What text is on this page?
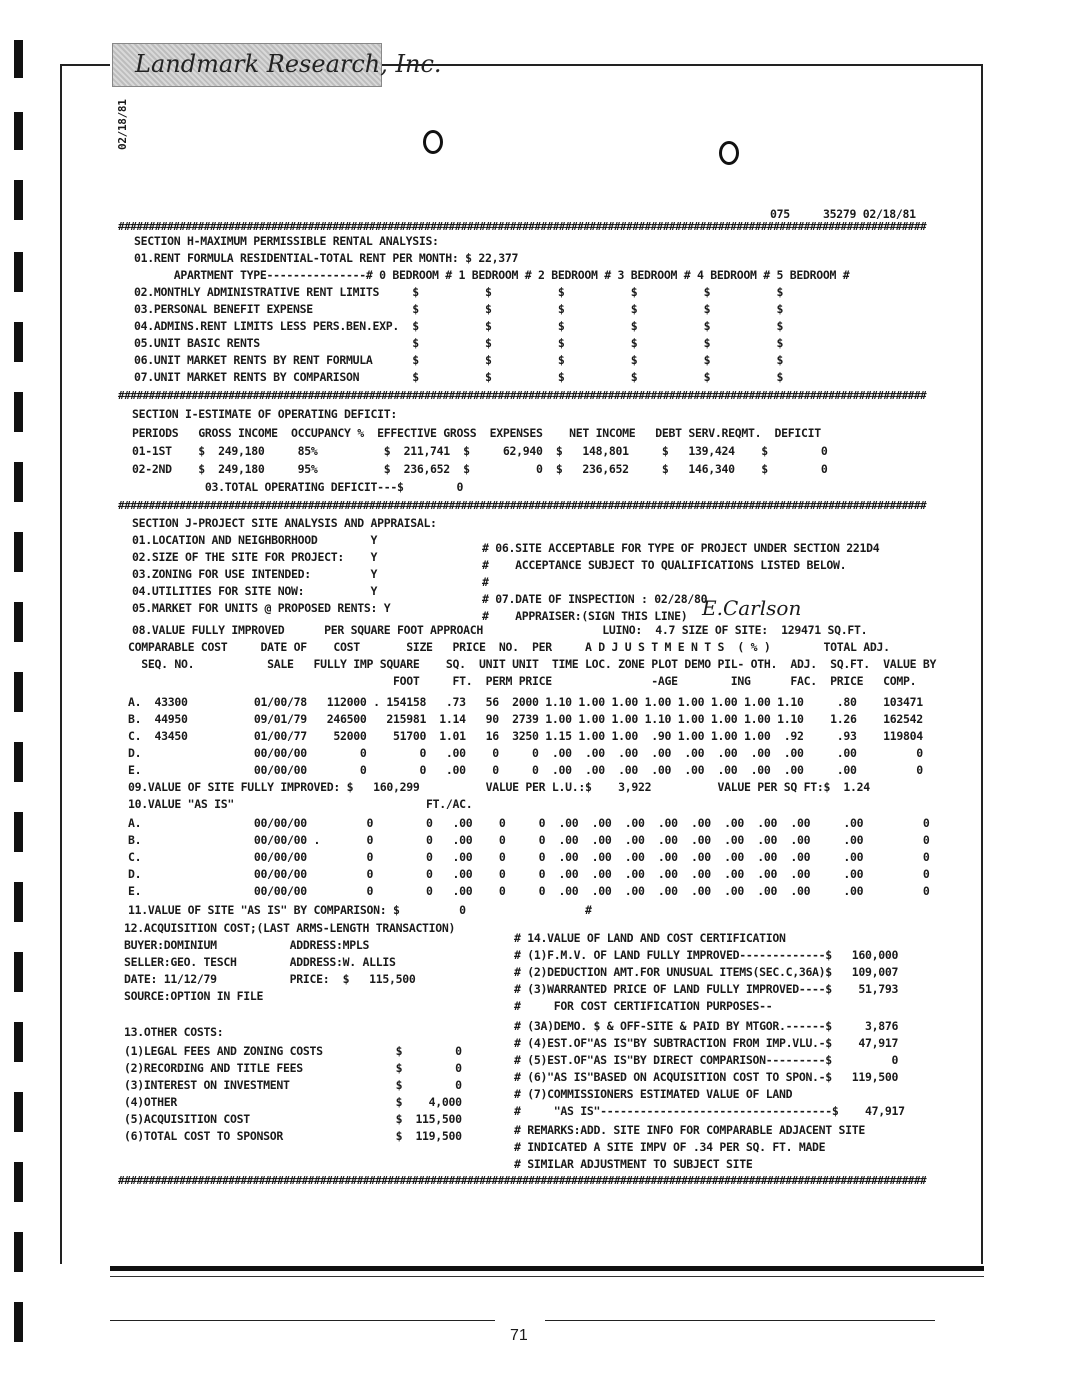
Landmark Research, Inc.
02/18/81
075	35279 02/18/81
####################################################################################################################################
SECTION H-MAXIMUM PERMISSIBLE RENTAL ANALYSIS:
01.RENT FORMULA RESIDENTIAL-TOTAL RENT PER MONTH: $ 22,377
APARTMENT TYPE---------------# 0 BEDROOM # 1 BEDROOM # 2 BEDROOM # 3 BEDROOM # 4 BEDROOM # 5 BEDROOM #
02.MONTHLY ADMINISTRATIVE RENT LIMITS     $          $          $          $          $          $
03.PERSONAL BENEFIT EXPENSE               $          $          $          $          $          $
04.ADMINS.RENT LIMITS LESS PERS.BEN.EXP.  $          $          $          $          $          $
05.UNIT BASIC RENTS                       $          $          $          $          $          $
06.UNIT MARKET RENTS BY RENT FORMULA      $          $          $          $          $          $
07.UNIT MARKET RENTS BY COMPARISON        $          $          $          $          $          $
####################################################################################################################################
SECTION I-ESTIMATE OF OPERATING DEFICIT:
PERIODS   GROSS INCOME  OCCUPANCY %  EFFECTIVE GROSS  EXPENSES    NET INCOME   DEBT SERV.REQMT.  DEFICIT
01-1ST    $  249,180     85%          $  211,741  $     62,940  $   148,801     $   139,424    $        0
02-2ND    $  249,180     95%          $  236,652  $          0  $   236,652     $   146,340    $        0
03.TOTAL OPERATING DEFICIT---$        0
####################################################################################################################################
SECTION J-PROJECT SITE ANALYSIS AND APPRAISAL:
01.LOCATION AND NEIGHBORHOOD        Y
02.SIZE OF THE SITE FOR PROJECT:    Y
03.ZONING FOR USE INTENDED:         Y
04.UTILITIES FOR SITE NOW:          Y
05.MARKET FOR UNITS @ PROPOSED RENTS: Y
# 06.SITE ACCEPTABLE FOR TYPE OF PROJECT UNDER SECTION 221D4
#    ACCEPTANCE SUBJECT TO QUALIFICATIONS LISTED BELOW.
#
# 07.DATE OF INSPECTION : 02/28/80
#    APPRAISER:(SIGN THIS LINE) E.Carlson
08.VALUE FULLY IMPROVED      PER SQUARE FOOT APPROACH                  LUINO:  4.7 SIZE OF SITE:  129471 SQ.FT.
COMPARABLE COST     DATE OF    COST       SIZE   PRICE  NO.  PER     A D J U S T M E N T S  ( % )        TOTAL ADJ.
SEQ. NO.           SALE   FULLY IMP SQUARE    SQ.  UNIT UNIT  TIME LOC. ZONE PLOT DEMO PIL- OTH.  ADJ.  SQ.FT.  VALUE BY
FOOT     FT.  PERM PRICE               -AGE        ING      FAC.  PRICE   COMP.
A.  43300          01/00/78   112000 . 154158   .73   56  2000 1.10 1.00 1.00 1.00 1.00 1.00 1.00 1.10     .80    103471
B.  44950          09/01/79   246500   215981  1.14   90  2739 1.00 1.00 1.00 1.10 1.00 1.00 1.00 1.10    1.26    162542
C.  43450          01/00/77    52000    51700  1.01   16  3250 1.15 1.00 1.00  .90 1.00 1.00 1.00  .92     .93    119804
D.                 00/00/00        0        0   .00    0     0  .00  .00  .00  .00  .00  .00  .00  .00     .00         0
E.                 00/00/00        0        0   .00    0     0  .00  .00  .00  .00  .00  .00  .00  .00     .00         0
09.VALUE OF SITE FULLY IMPROVED: $   160,299          VALUE PER L.U.:$    3,922          VALUE PER SQ FT:$  1.24
10.VALUE "AS IS"                             FT./AC.
A.                 00/00/00         0        0   .00    0     0  .00  .00  .00  .00  .00  .00  .00  .00     .00         0
B.                 00/00/00 .       0        0   .00    0     0  .00  .00  .00  .00  .00  .00  .00  .00     .00         0
C.                 00/00/00         0        0   .00    0     0  .00  .00  .00  .00  .00  .00  .00  .00     .00         0
D.                 00/00/00         0        0   .00    0     0  .00  .00  .00  .00  .00  .00  .00  .00     .00         0
E.                 00/00/00         0        0   .00    0     0  .00  .00  .00  .00  .00  .00  .00  .00     .00         0
11.VALUE OF SITE "AS IS" BY COMPARISON: $         0                  #
12.ACQUISITION COST;(LAST ARMS-LENGTH TRANSACTION)
BUYER:DOMINIUM           ADDRESS:MPLS
SELLER:GEO. TESCH        ADDRESS:W. ALLIS
DATE: 11/12/79           PRICE:  $   115,500
SOURCE:OPTION IN FILE
13.OTHER COSTS:
(1)LEGAL FEES AND ZONING COSTS           $        0
(2)RECORDING AND TITLE FEES              $        0
(3)INTEREST ON INVESTMENT                $        0
(4)OTHER                                 $    4,000
(5)ACQUISITION COST                      $  115,500
(6)TOTAL COST TO SPONSOR                 $  119,500
# 14.VALUE OF LAND AND COST CERTIFICATION
# (1)F.M.V. OF LAND FULLY IMPROVED-------------$   160,000
# (2)DEDUCTION AMT.FOR UNUSUAL ITEMS(SEC.C,36A)$   109,007
# (3)WARRANTED PRICE OF LAND FULLY IMPROVED----$    51,793
#     FOR COST CERTIFICATION PURPOSES--
# (3A)DEMO. $ & OFF-SITE & PAID BY MTGOR.------$     3,876
# (4)EST.OF"AS IS"BY SUBTRACTION FROM IMP.VLU.-$    47,917
# (5)EST.OF"AS IS"BY DIRECT COMPARISON---------$         0
# (6)"AS IS"BASED ON ACQUISITION COST TO SPON.-$   119,500
# (7)COMMISSIONERS ESTIMATED VALUE OF LAND
#     "AS IS"-----------------------------------$    47,917
# REMARKS:ADD. SITE INFO FOR COMPARABLE ADJACENT SITE
# INDICATED A SITE IMPV OF .34 PER SQ. FT. MADE
# SIMILAR ADJUSTMENT TO SUBJECT SITE
####################################################################################################################################
71
